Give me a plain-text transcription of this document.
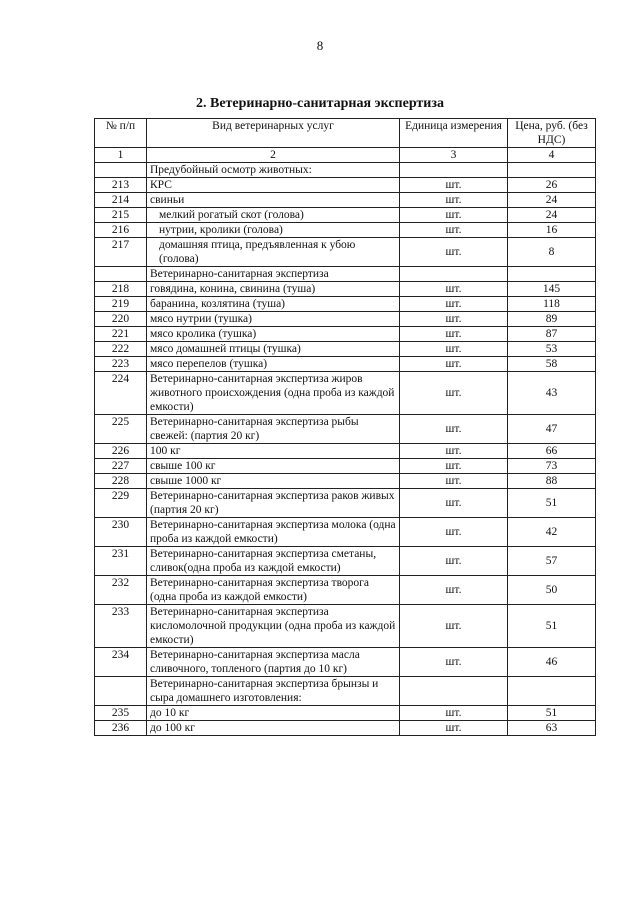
8
2. Ветеринарно-санитарная экспертиза
№ п/п	Вид ветеринарных услуг	Единица измерения	Цена, руб. (без НДС)
1	2	3	4
	Предубойный осмотр животных:		
213	КРС	шт.	26
214	свиньи	шт.	24
215	мелкий рогатый скот (голова)	шт.	24
216	нутрии, кролики (голова)	шт.	16
217	домашняя птица, предъявленная к убою (голова)	шт.	8
	Ветеринарно-санитарная экспертиза		
218	говядина, конина, свинина (туша)	шт.	145
219	баранина, козлятина (туша)	шт.	118
220	мясо нутрии (тушка)	шт.	89
221	мясо кролика (тушка)	шт.	87
222	мясо домашней птицы (тушка)	шт.	53
223	мясо перепелов (тушка)	шт.	58
224	Ветеринарно-санитарная экспертиза жиров животного происхождения (одна проба из каждой емкости)	шт.	43
225	Ветеринарно-санитарная экспертиза рыбы свежей: (партия 20 кг)	шт.	47
226	100 кг	шт.	66
227	свыше 100 кг	шт.	73
228	свыше 1000 кг	шт.	88
229	Ветеринарно-санитарная экспертиза раков живых (партия 20 кг)	шт.	51
230	Ветеринарно-санитарная экспертиза молока (одна проба из каждой емкости)	шт.	42
231	Ветеринарно-санитарная экспертиза сметаны, сливок(одна проба из каждой емкости)	шт.	57
232	Ветеринарно-санитарная экспертиза творога (одна проба из каждой емкости)	шт.	50
233	Ветеринарно-санитарная экспертиза кисломолочной продукции (одна проба из каждой емкости)	шт.	51
234	Ветеринарно-санитарная экспертиза масла сливочного, топленого (партия до 10 кг)	шт.	46
	Ветеринарно-санитарная экспертиза брынзы и сыра домашнего изготовления:		
235	до 10 кг	шт.	51
236	до 100 кг	шт.	63
